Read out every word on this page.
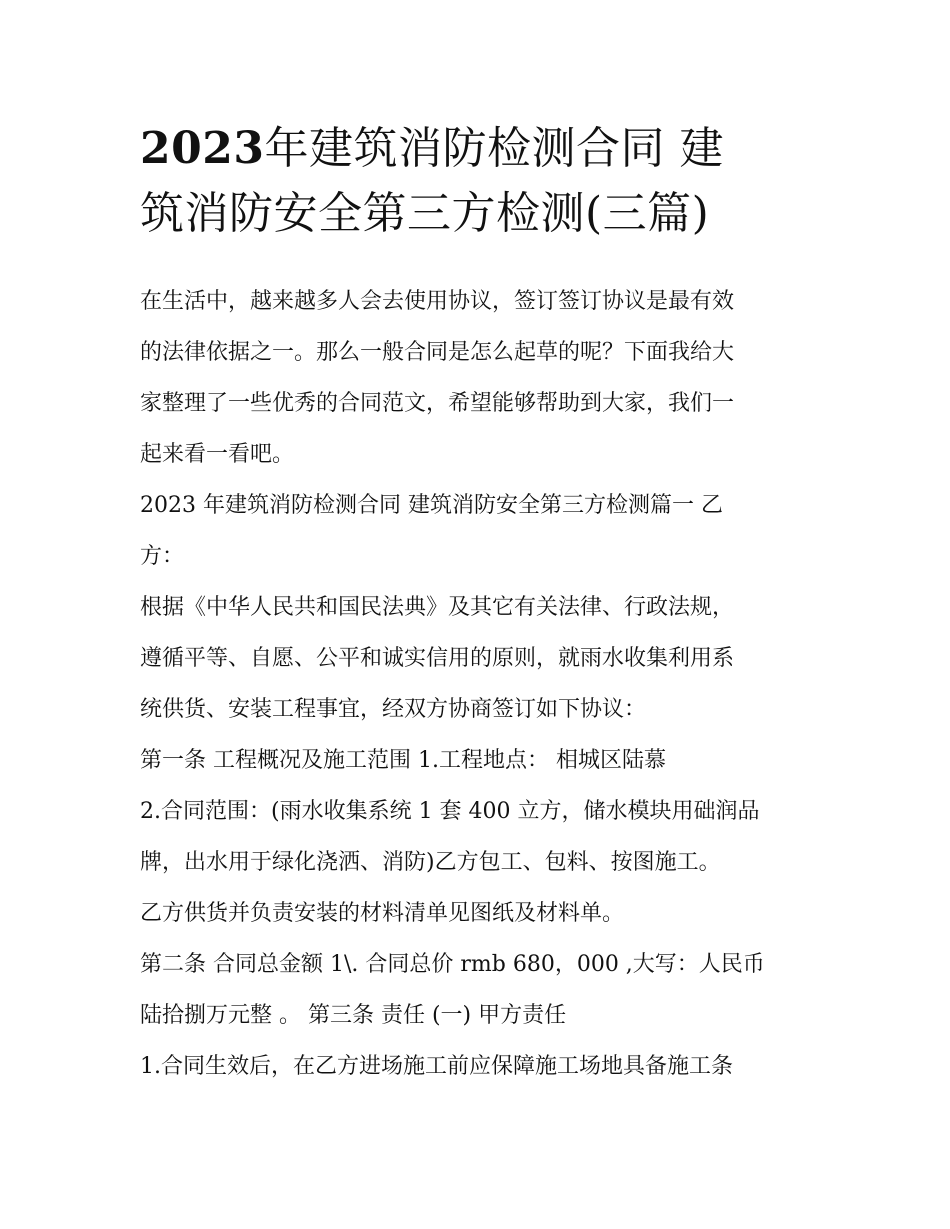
2023年建筑消防检测合同 建
筑消防安全第三方检测(三篇)
在生活中，越来越多人会去使用协议，签订签订协议是最有效
的法律依据之一。那么一般合同是怎么起草的呢？下面我给大
家整理了一些优秀的合同范文，希望能够帮助到大家，我们一
起来看一看吧。
2023 年建筑消防检测合同 建筑消防安全第三方检测篇一 乙
方：
根据《中华人民共和国民法典》及其它有关法律、行政法规，
遵循平等、自愿、公平和诚实信用的原则，就雨水收集利用系
统供货、安装工程事宜，经双方协商签订如下协议：
第一条 工程概况及施工范围 1.工程地点： 相城区陆慕
2.合同范围：(雨水收集系统 1 套 400 立方，储水模块用础润品
牌，出水用于绿化浇洒、消防)乙方包工、包料、按图施工。
乙方供货并负责安装的材料清单见图纸及材料单。
第二条 合同总金额 1\. 合同总价 rmb 680，000 ,大写：人民币
陆拾捌万元整 。 第三条 责任 (一) 甲方责任
1.合同生效后，在乙方进场施工前应保障施工场地具备施工条
